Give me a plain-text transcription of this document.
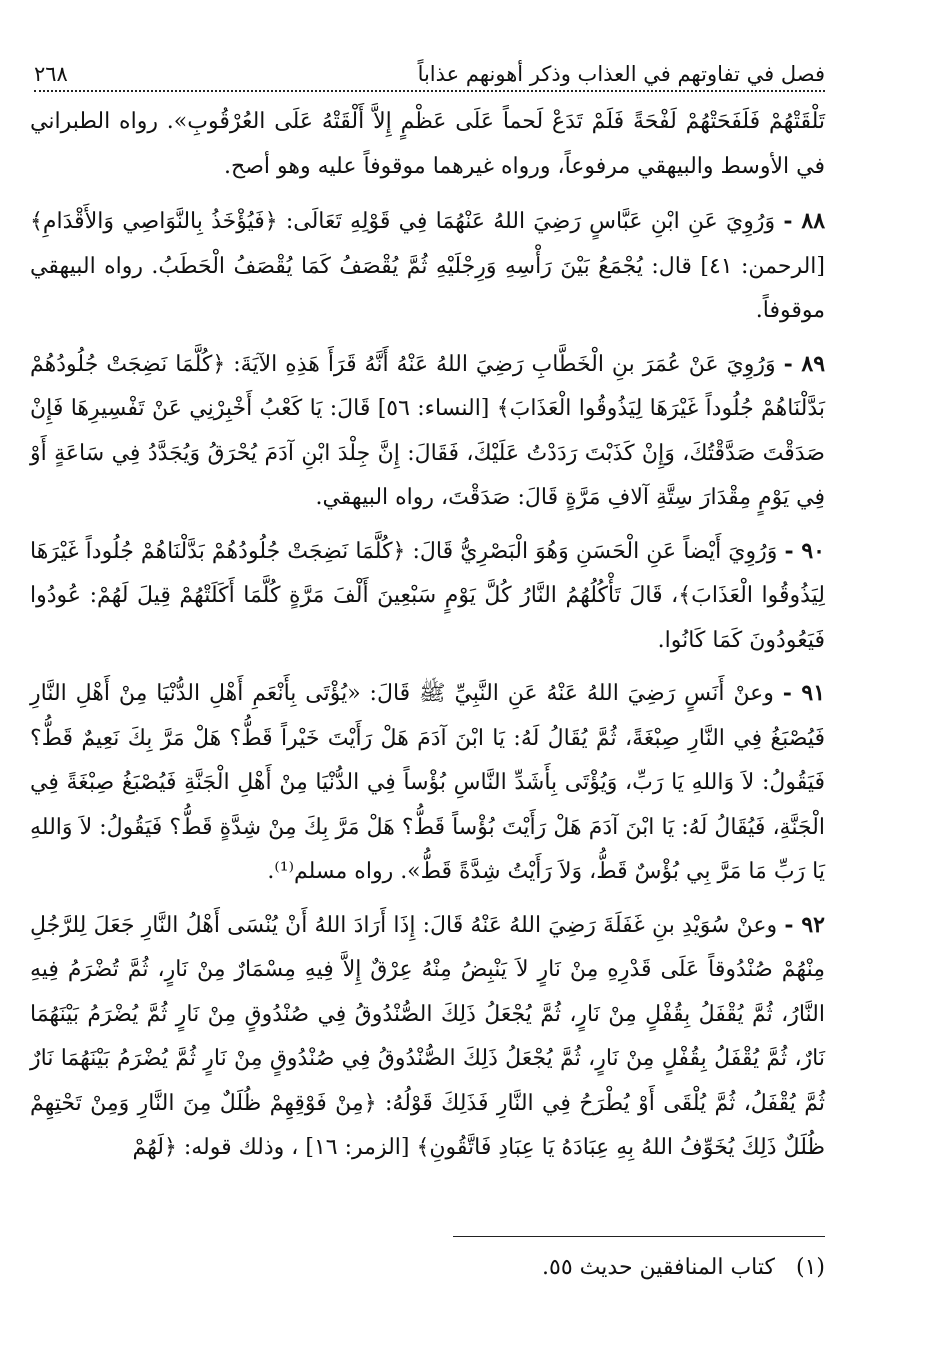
فصل في تفاوتهم في العذاب وذكر أهونهم عذاباً
٢٦٨

تَلْقَتْهُمْ فَلَفَحَتْهُمْ لَفْحَةً فَلَمْ تَدَعْ لَحماً عَلَى عَظْمٍ إِلاَّ أَلْقَتْهُ عَلَى العُرْقُوبِ». رواه الطبراني في الأوسط والبيهقي مرفوعاً، ورواه غيرهما موقوفاً عليه وهو أصح.

٨٨ - وَرُوِيَ عَنِ ابْنِ عَبَّاسٍ رَضِيَ اللهُ عَنْهُمَا فِي قَوْلِهِ تَعَالَى: ﴿فَيُؤْخَذُ بِالنَّوَاصِي وَالأَقْدَامِ﴾ [الرحمن: ٤١] قال: يُجْمَعُ بَيْنَ رَأْسِهِ وَرِجْلَيْهِ ثُمَّ يُقْصَفُ كَمَا يُقْصَفُ الْحَطَبُ. رواه البيهقي موقوفاً.

٨٩ - وَرُوِيَ عَنْ عُمَرَ بنِ الْخَطَّابِ رَضِيَ اللهُ عَنْهُ أَنَّهُ قَرَأَ هَذِهِ الآيَةَ: ﴿كُلَّمَا نَضِجَتْ جُلُودُهُمْ بَدَّلْنَاهُمْ جُلُوداً غَيْرَهَا لِيَذُوقُوا الْعَذَابَ﴾ [النساء: ٥٦] قَالَ: يَا كَعْبُ أَخْبِرْنِي عَنْ تَفْسِيرِهَا فَإِنْ صَدَقْتَ صَدَّقْتُكَ، وَإِنْ كَذَبْتَ رَدَدْتُ عَلَيْكَ، فَقَالَ: إِنَّ جِلْدَ ابْنِ آدَمَ يُحْرَقُ وَيُجَدَّدُ فِي سَاعَةٍ أَوْ فِي يَوْمٍ مِقْدَارَ سِتَّةِ آلافِ مَرَّةٍ قَالَ: صَدَقْتَ، رواه البيهقي.

٩٠ - وَرُوِيَ أَيْضاً عَنِ الْحَسَنِ وَهُوَ الْبَصْرِيُّ قَالَ: ﴿كُلَّمَا نَضِجَتْ جُلُودُهُمْ بَدَّلْنَاهُمْ جُلُوداً غَيْرَهَا لِيَذُوقُوا الْعَذَابَ﴾، قَالَ تَأْكُلُهُمُ النَّارُ كُلَّ يَوْمٍ سَبْعِينَ أَلْفَ مَرَّةٍ كُلَّمَا أَكَلَتْهُمْ قِيلَ لَهُمْ: عُودُوا فَيَعُودُونَ كَمَا كَانُوا.

٩١ - وعنْ أَنَسٍ رَضِيَ اللهُ عَنْهُ عَنِ النَّبِيِّ ﷺ قَالَ: «يُؤْتَى بِأَنْعَمِ أَهْلِ الدُّنْيَا مِنْ أَهْلِ النَّارِ فَيُصْبَغُ فِي النَّارِ صِبْغَةً، ثُمَّ يُقَالُ لَهُ: يَا ابْنَ آدَمَ هَلْ رَأَيْتَ خَيْراً قَطُّ؟ هَلْ مَرَّ بِكَ نَعِيمٌ قَطُّ؟ فَيَقُولُ: لاَ وَاللهِ يَا رَبِّ، وَيُؤْتَى بِأَشَدِّ النَّاسِ بُؤْساً فِي الدُّنْيَا مِنْ أَهْلِ الْجَنَّةِ فَيُصْبَغُ صِبْغَةً فِي الْجَنَّةِ، فَيُقَالُ لَهُ: يَا ابْنَ آدَمَ هَلْ رَأَيْتَ بُؤْساً قَطُّ؟ هَلْ مَرَّ بِكَ مِنْ شِدَّةٍ قَطُّ؟ فَيَقُولُ: لاَ وَاللهِ يَا رَبِّ مَا مَرَّ بِي بُؤْسٌ قَطُّ، وَلاَ رَأَيْتُ شِدَّةً قَطُّ». رواه مسلم⁽¹⁾.

٩٢ - وعنْ سُوَيْدِ بنِ غَفَلَةَ رَضِيَ اللهُ عَنْهُ قَالَ: إِذَا أَرَادَ اللهُ أَنْ يُنْسَى أَهْلُ النَّارِ جَعَلَ لِلرَّجُلِ مِنْهُمْ صُنْدُوقاً عَلَى قَدْرِهِ مِنْ نَارٍ لاَ يَنْبِضُ مِنْهُ عِرْقٌ إِلاَّ فِيهِ مِسْمَارٌ مِنْ نَارٍ، ثُمَّ تُضْرَمُ فِيهِ النَّارُ، ثُمَّ يُقْفَلُ بِقُفْلٍ مِنْ نَارٍ، ثُمَّ يُجْعَلُ ذَلِكَ الصُّنْدُوقُ فِي صُنْدُوقٍ مِنْ نَارٍ ثُمَّ يُضْرَمُ بَيْنَهُمَا نَارٌ، ثُمَّ يُقْفَلُ بِقُفْلٍ مِنْ نَارٍ، ثُمَّ يُجْعَلُ ذَلِكَ الصُّنْدُوقُ فِي صُنْدُوقٍ مِنْ نَارٍ ثُمَّ يُضْرَمُ بَيْنَهُمَا نَارٌ ثُمَّ يُقْفَلُ، ثُمَّ يُلْقَى أَوْ يُطْرَحُ فِي النَّارِ فَذَلِكَ قَوْلُهُ: ﴿مِنْ فَوْقِهِمْ ظُلَلٌ مِنَ النَّارِ وَمِنْ تَحْتِهِمْ ظُلَلٌ ذَلِكَ يُخَوِّفُ اللهُ بِهِ عِبَادَهُ يَا عِبَادِ فَاتَّقُونِ﴾ [الزمر: ١٦] ، وذلك قوله: ﴿لَهُمْ

(١) كتاب المنافقين حديث ٥٥.
